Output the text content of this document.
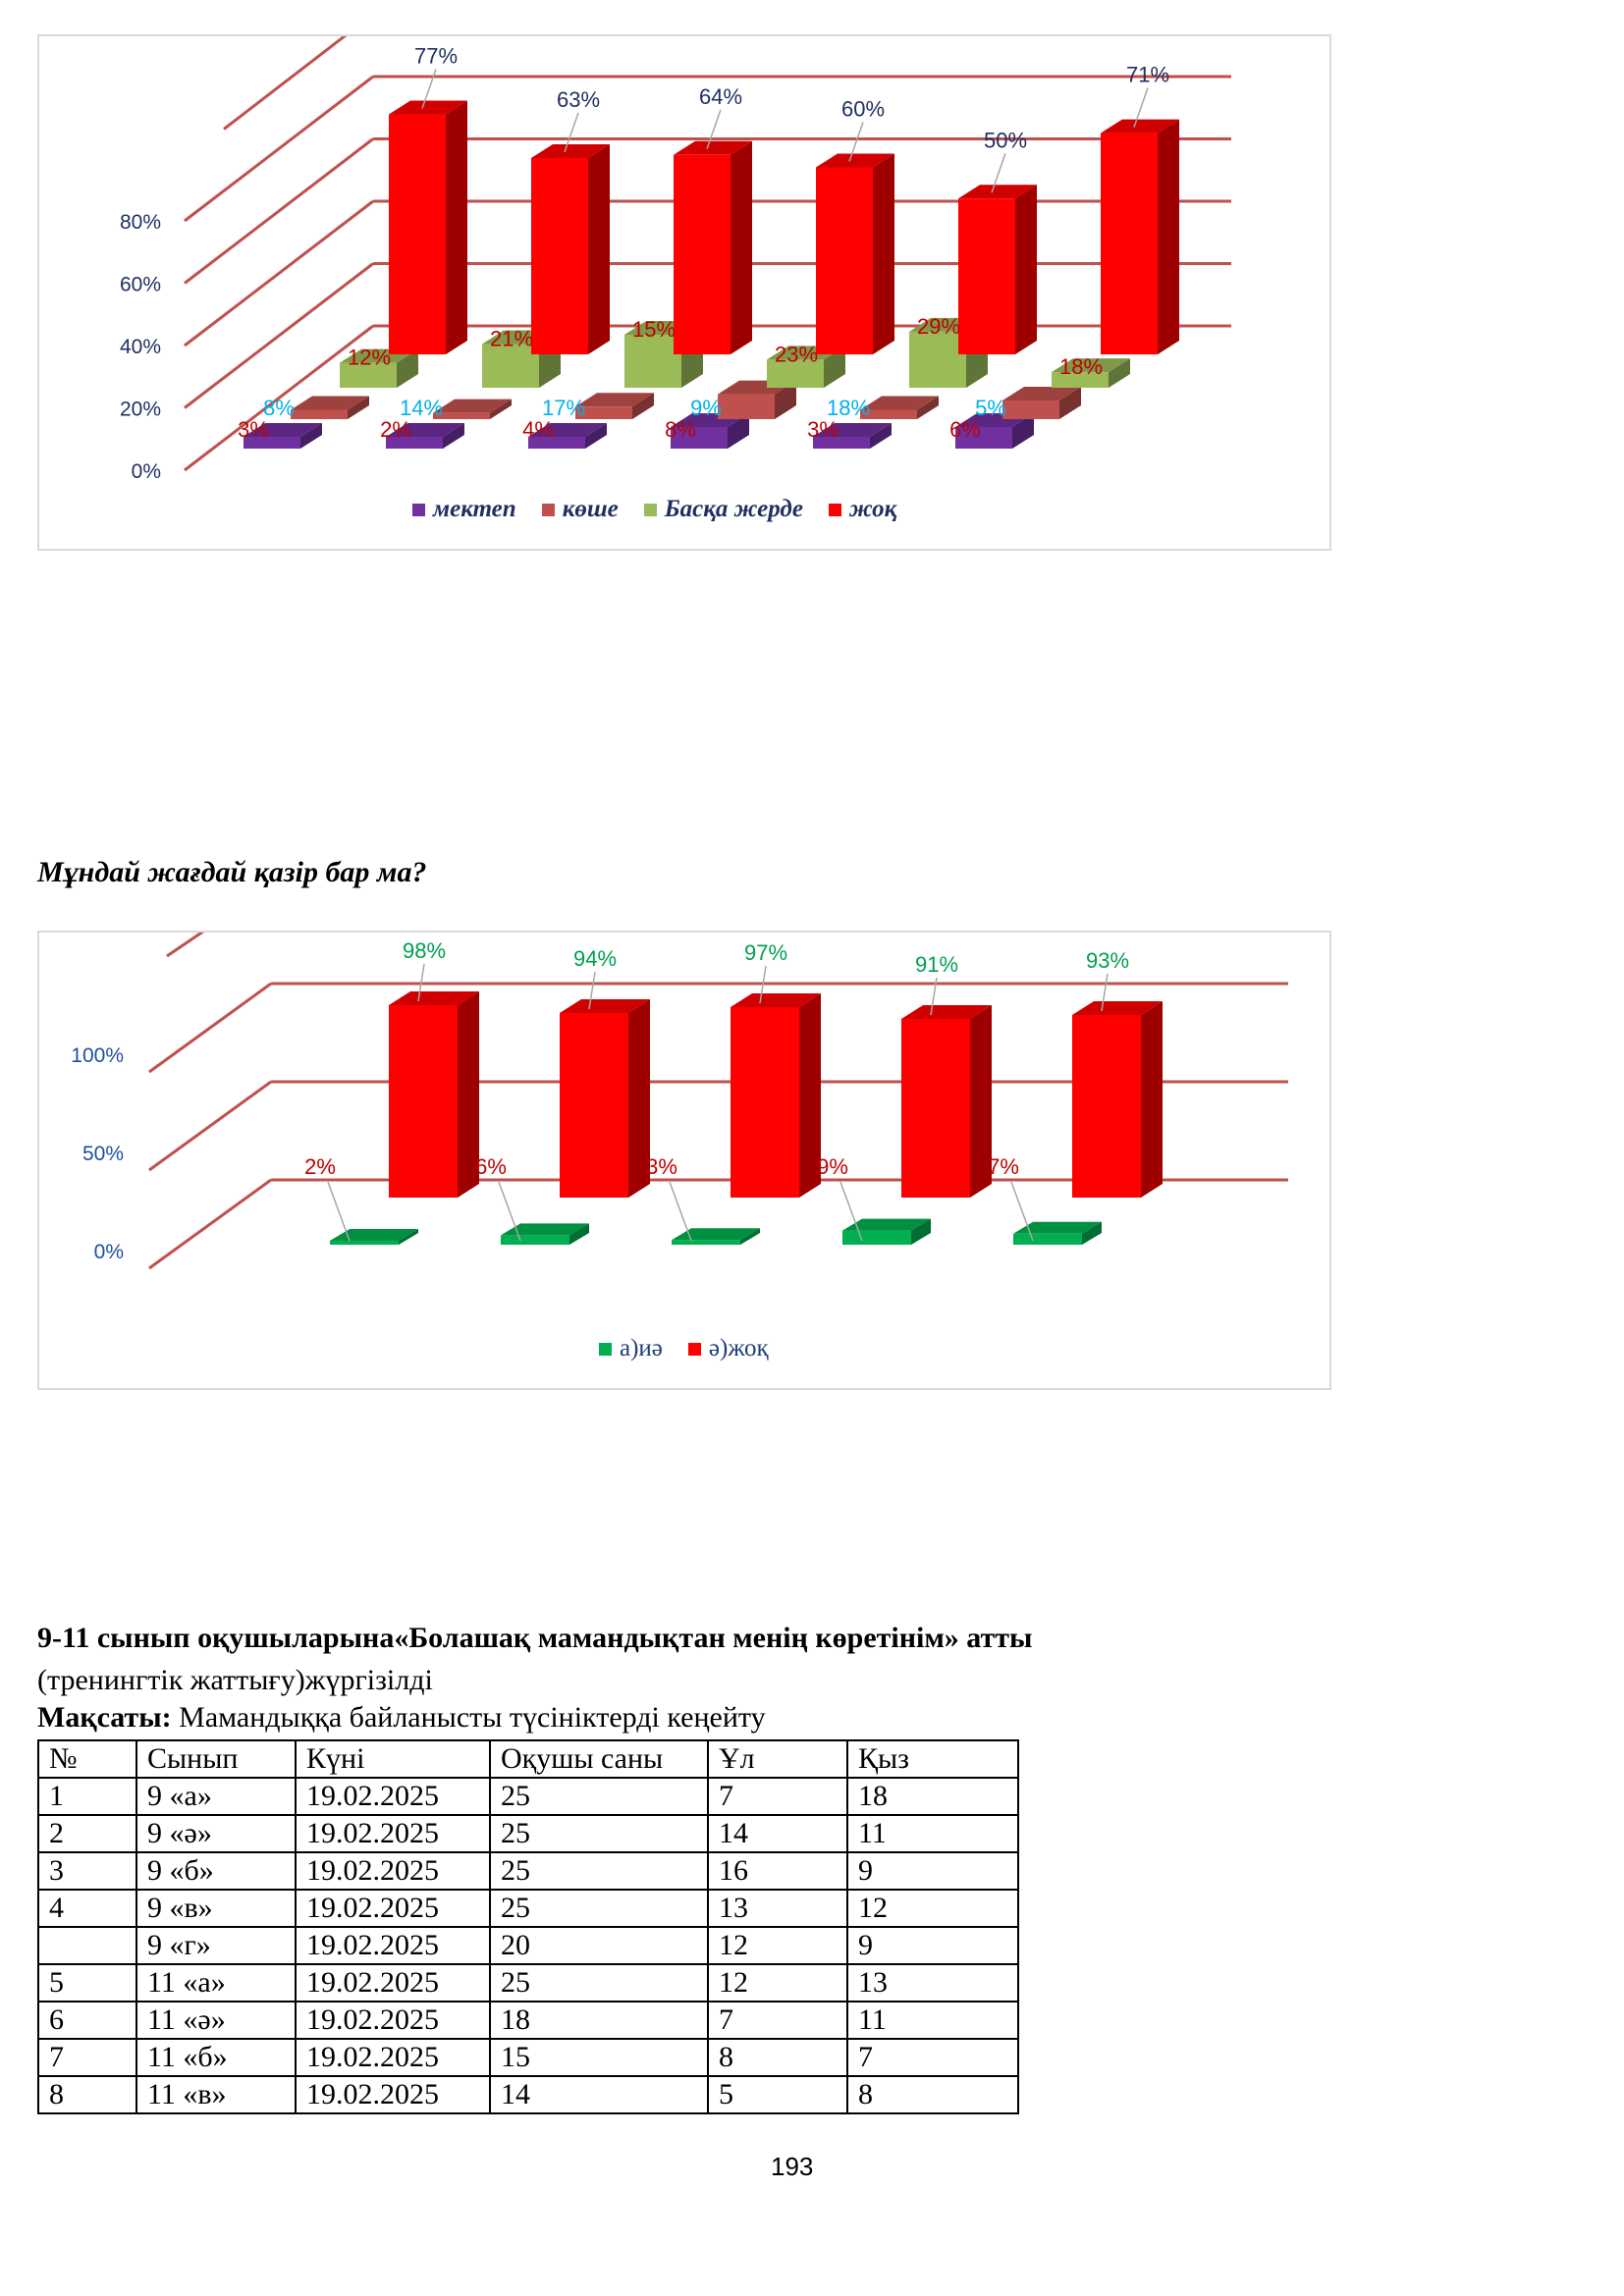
0%
20%
40%
60%
80%
77%
12%
8%
3%
63%
21%
14%
2%
64%
15%
17%
4%
60%
23%
9%
8%
50%
29%
18%
3%
71%
18%
5%
6%
мектеп көше Басқа жерде жоқ
Мұндай жағдай қазір бар ма?
0%
50%
100%
98%
2%
94%
6%
97%
3%
91%
9%
93%
7%
а)иә ә)жоқ
9-11 сынып оқушыларына«Болашақ мамандықтан менің көретінім» атты
(тренингтік жаттығу)жүргізілді
Мақсаты: Мамандыққа байланысты түсініктерді кеңейту
№	Сынып	Күні	Оқушы саны	Ұл	Қыз
1	9 «а»	19.02.2025	25	7	18
2	9 «ә»	19.02.2025	25	14	11
3	9 «б»	19.02.2025	25	16	9
4	9 «в»	19.02.2025	25	13	12
	9 «г»	19.02.2025	20	12	9
5	11 «а»	19.02.2025	25	12	13
6	11 «ә»	19.02.2025	18	7	11
7	11 «б»	19.02.2025	15	8	7
8	11 «в»	19.02.2025	14	5	8
193
